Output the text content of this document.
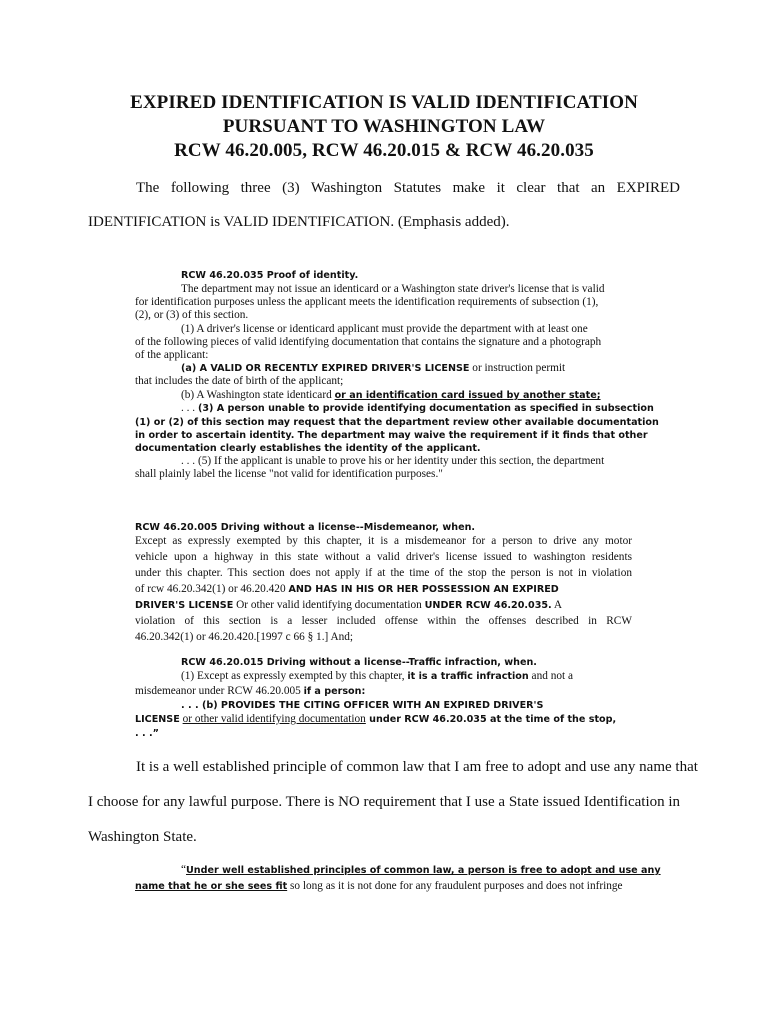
EXPIRED IDENTIFICATION IS VALID IDENTIFICATION
PURSUANT TO WASHINGTON LAW
RCW 46.20.005, RCW 46.20.015 & RCW 46.20.035
The following three (3) Washington Statutes make it clear that an EXPIRED
IDENTIFICATION is VALID IDENTIFICATION. (Emphasis added).
RCW 46.20.035 Proof of identity.
The department may not issue an identicard or a Washington state driver's license that is valid
for identification purposes unless the applicant meets the identification requirements of subsection (1),
(2), or (3) of this section.
(1) A driver's license or identicard applicant must provide the department with at least one
of the following pieces of valid identifying documentation that contains the signature and a photograph
of the applicant:
(a) A VALID OR RECENTLY EXPIRED DRIVER'S LICENSE or instruction permit
that includes the date of birth of the applicant;
(b) A Washington state identicard or an identification card issued by another state;
. . . (3) A person unable to provide identifying documentation as specified in subsection
(1) or (2) of this section may request that the department review other available documentation
in order to ascertain identity. The department may waive the requirement if it finds that other
documentation clearly establishes the identity of the applicant.
. . . (5) If the applicant is unable to prove his or her identity under this section, the department
shall plainly label the license "not valid for identification purposes."
RCW 46.20.005 Driving without a license--Misdemeanor, when.
Except as expressly exempted by this chapter, it is a misdemeanor for a person to drive any motor
vehicle upon a highway in this state without a valid driver's license issued to washington residents
under this chapter. This section does not apply if at the time of the stop the person is not in violation
of rcw 46.20.342(1) or 46.20.420 AND HAS IN HIS OR HER POSSESSION AN EXPIRED
DRIVER'S LICENSE Or other valid identifying documentation UNDER RCW 46.20.035. A
violation of this section is a lesser included offense within the offenses described in RCW
46.20.342(1) or 46.20.420.[1997 c 66 § 1.] And;
RCW 46.20.015 Driving without a license--Traffic infraction, when.
(1) Except as expressly exempted by this chapter, it is a traffic infraction and not a
misdemeanor under RCW 46.20.005 if a person:
. . . (b) PROVIDES THE CITING OFFICER WITH AN EXPIRED DRIVER'S
LICENSE or other valid identifying documentation under RCW 46.20.035 at the time of the stop,
. . .”
It is a well established principle of common law that I am free to adopt and use any name that
I choose for any lawful purpose. There is NO requirement that I use a State issued Identification in
Washington State.
“Under well established principles of common law, a person is free to adopt and use any
name that he or she sees fit so long as it is not done for any fraudulent purposes and does not infringe
